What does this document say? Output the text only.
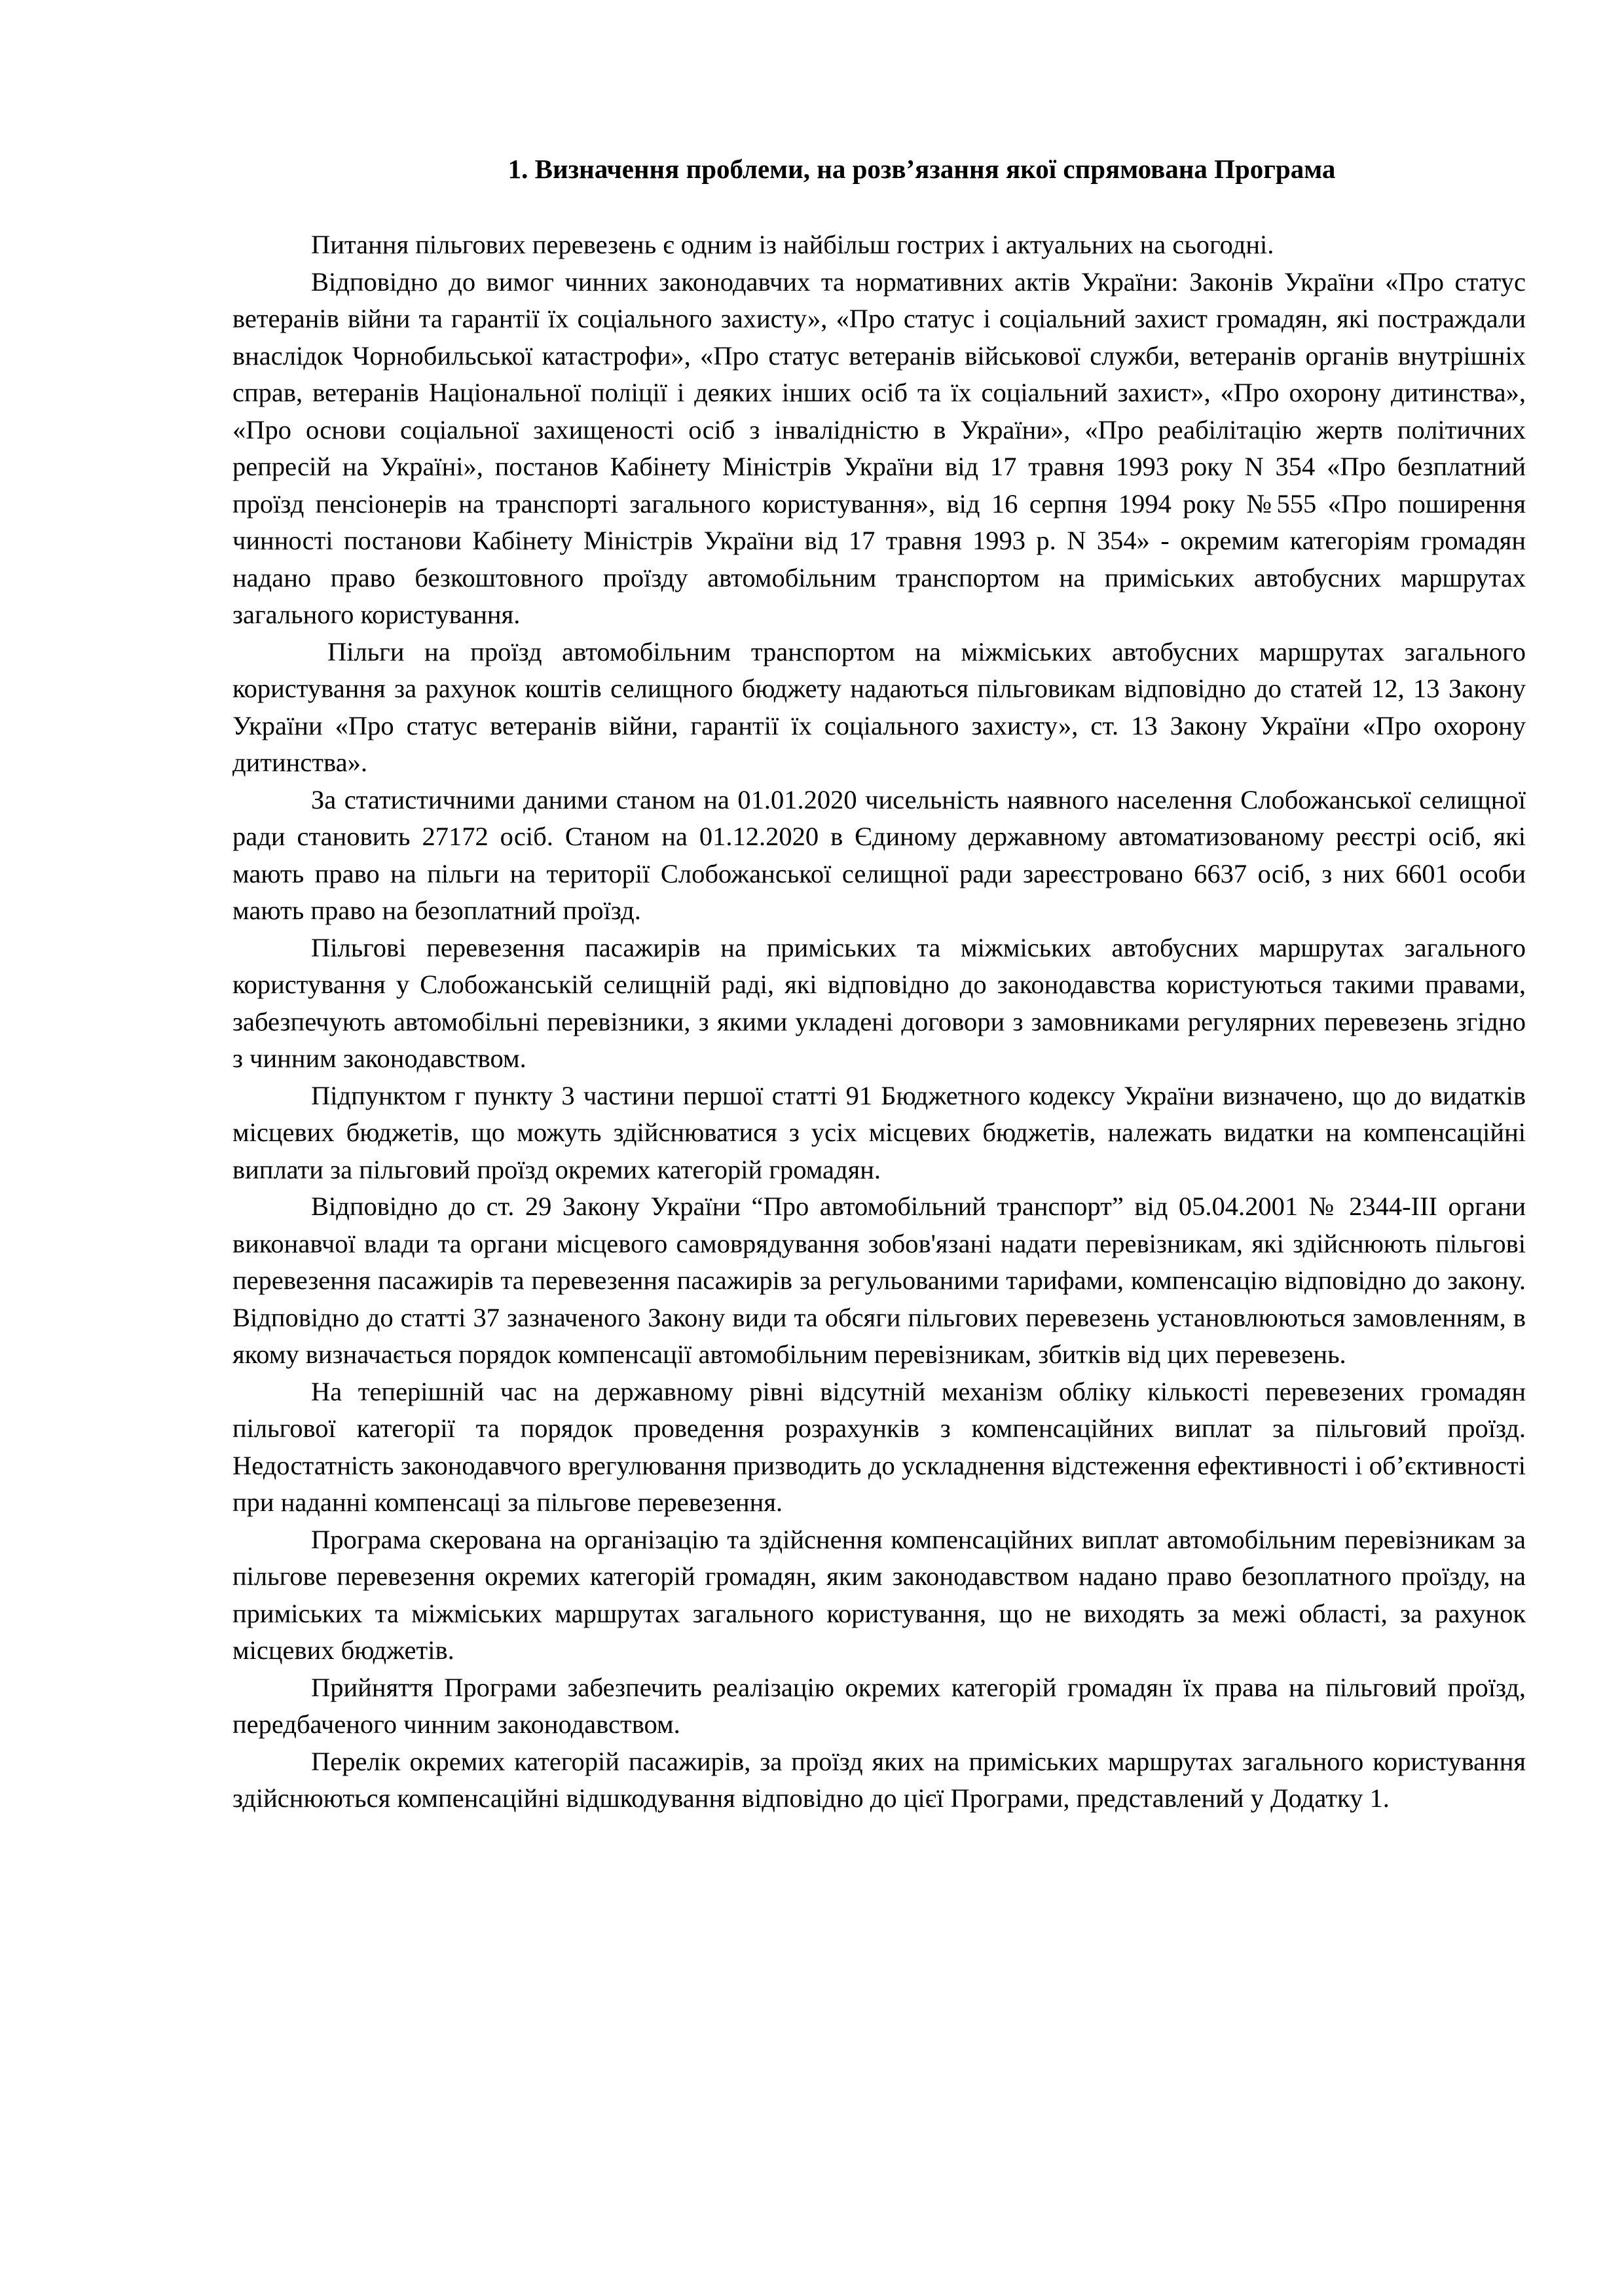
1. Визначення проблеми, на розв’язання якої спрямована Програма

Питання пільгових перевезень є одним із найбільш гострих і актуальних на сьогодні.

Відповідно до вимог чинних законодавчих та нормативних актів України: Законів України «Про статус ветеранів війни та гарантії їх соціального захисту», «Про статус і соціальний захист громадян, які постраждали внаслідок Чорнобильської катастрофи», «Про статус ветеранів військової служби, ветеранів органів внутрішніх справ, ветеранів Національної поліції і деяких інших осіб та їх соціальний захист», «Про охорону дитинства», «Про основи соціальної захищеності осіб з інвалідністю в України», «Про реабілітацію жертв політичних репресій на Україні», постанов Кабінету Міністрів України від 17 травня 1993 року N 354 «Про безплатний проїзд пенсіонерів на транспорті загального користування», від 16 серпня 1994 року №555 «Про поширення чинності постанови Кабінету Міністрів України від 17 травня 1993 р. N 354» - окремим категоріям громадян надано право безкоштовного проїзду автомобільним транспортом на приміських автобусних маршрутах загального користування.

Пільги на проїзд автомобільним транспортом на міжміських автобусних маршрутах загального користування за рахунок коштів селищного бюджету надаються пільговикам відповідно до статей 12, 13 Закону України «Про статус ветеранів війни, гарантії їх соціального захисту», ст. 13 Закону України «Про охорону дитинства».

За статистичними даними станом на 01.01.2020 чисельність наявного населення Слобожанської селищної ради становить 27172 осіб. Станом на 01.12.2020 в Єдиному державному автоматизованому реєстрі осіб, які мають право на пільги на території Слобожанської селищної ради зареєстровано 6637 осіб, з них 6601 особи мають право на безоплатний проїзд.

Пільгові перевезення пасажирів на приміських та міжміських автобусних маршрутах загального користування у Слобожанській селищній раді, які відповідно до законодавства користуються такими правами, забезпечують автомобільні перевізники, з якими укладені договори з замовниками регулярних перевезень згідно з чинним законодавством.

Підпунктом г пункту 3 частини першої статті 91 Бюджетного кодексу України визначено, що до видатків місцевих бюджетів, що можуть здійснюватися з усіх місцевих бюджетів, належать видатки на компенсаційні виплати за пільговий проїзд окремих категорій громадян.

Відповідно до ст. 29 Закону України “Про автомобільний транспорт” від 05.04.2001 № 2344-III органи виконавчої влади та органи місцевого самоврядування зобов'язані надати перевізникам, які здійснюють пільгові перевезення пасажирів та перевезення пасажирів за регульованими тарифами, компенсацію відповідно до закону. Відповідно до статті 37 зазначеного Закону види та обсяги пільгових перевезень установлюються замовленням, в якому визначається порядок компенсації автомобільним перевізникам, збитків від цих перевезень.

На теперішній час на державному рівні відсутній механізм обліку кількості перевезених громадян пільгової категорії та порядок проведення розрахунків з компенсаційних виплат за пільговий проїзд. Недостатність законодавчого врегулювання призводить до ускладнення відстеження ефективності і об’єктивності при наданні компенсаці за пільгове перевезення.

Програма скерована на організацію та здійснення компенсаційних виплат автомобільним перевізникам за пільгове перевезення окремих категорій громадян, яким законодавством надано право безоплатного проїзду, на приміських та міжміських маршрутах загального користування, що не виходять за межі області, за рахунок місцевих бюджетів.

Прийняття Програми забезпечить реалізацію окремих категорій громадян їх права на пільговий проїзд, передбаченого чинним законодавством.

Перелік окремих категорій пасажирів, за проїзд яких на приміських маршрутах загального користування здійснюються компенсаційні відшкодування відповідно до цієї Програми, представлений у Додатку 1.
